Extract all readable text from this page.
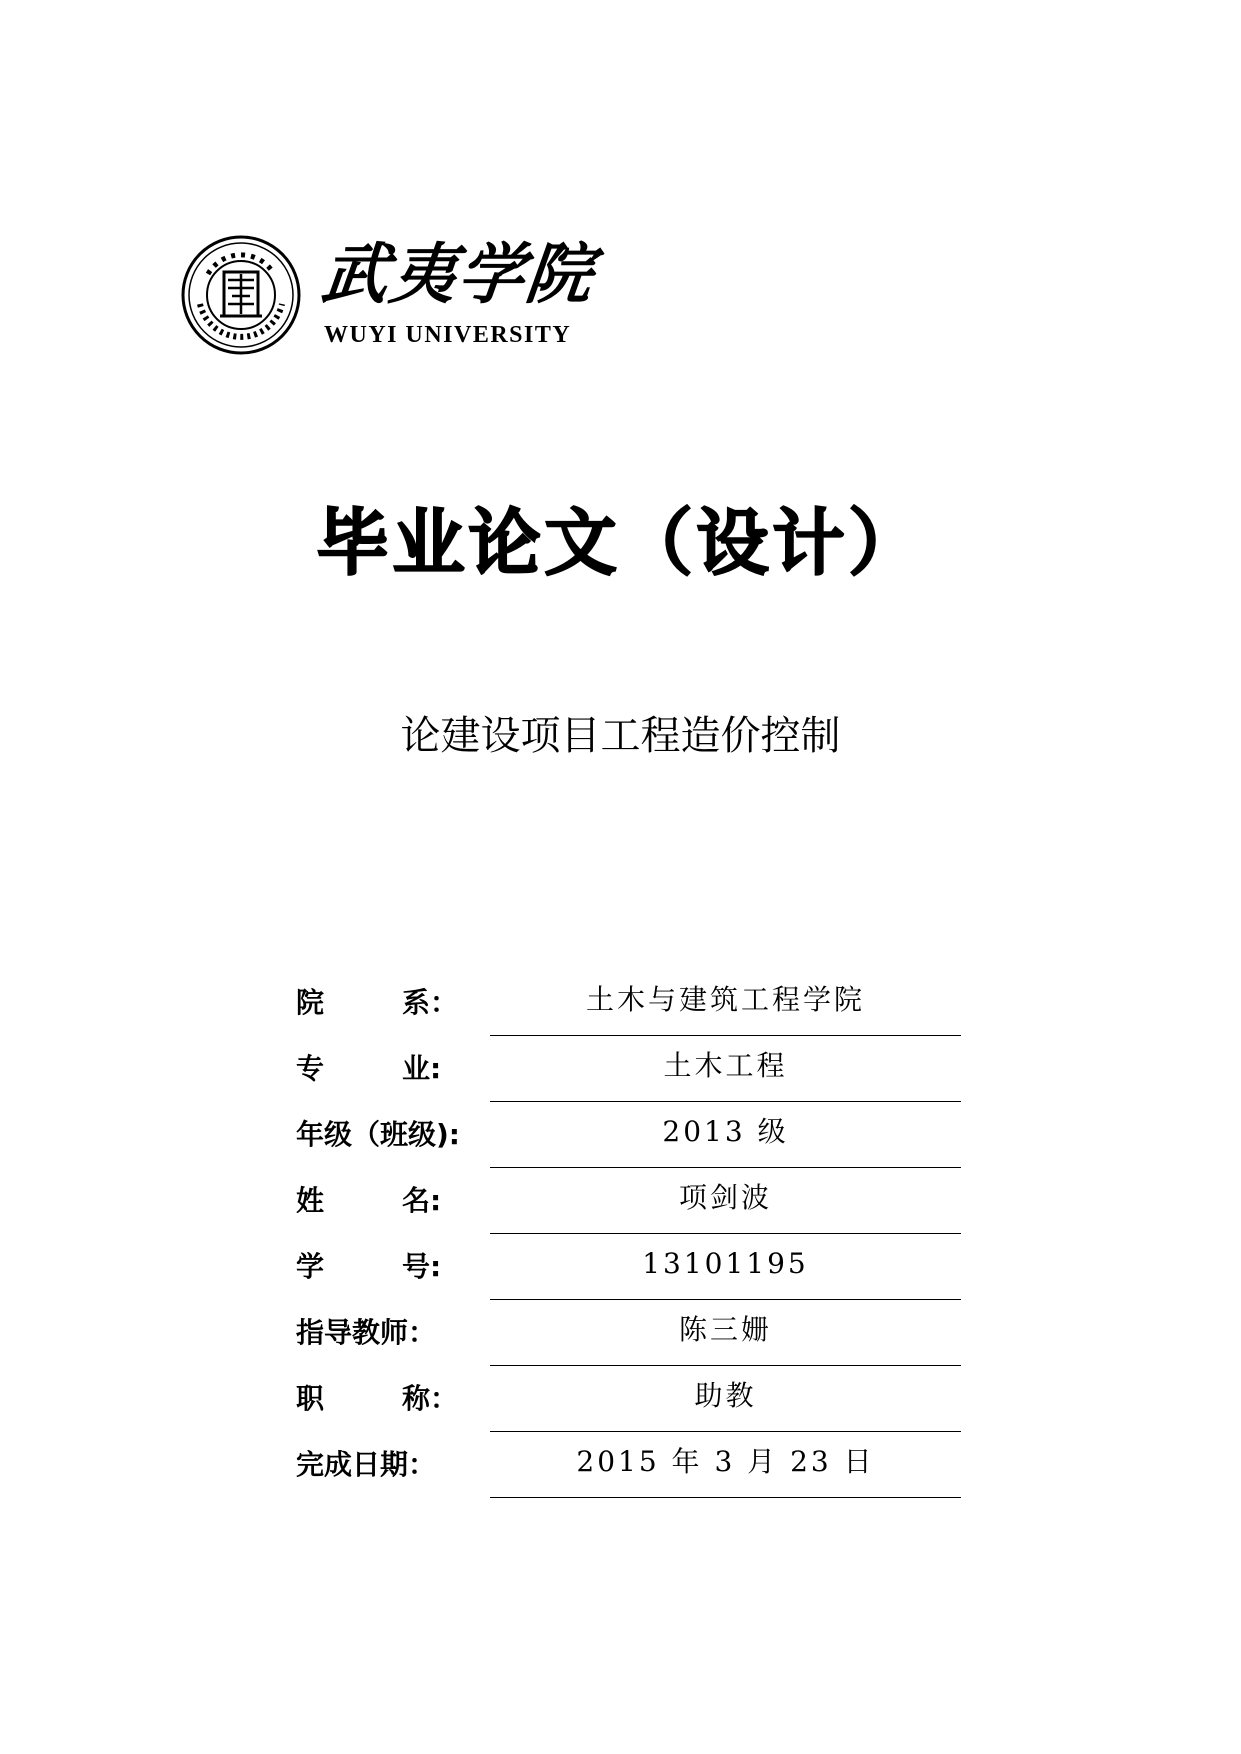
武夷学院
WUYI UNIVERSITY
毕业论文（设计）
论建设项目工程造价控制
院        系：	土木与建筑工程学院
专        业:	土木工程
年级（班级):	2013 级
姓        名:	项剑波
学        号:	13101195
指导教师：	陈三姗
职        称：	助教
完成日期：	2015 年 3 月 23 日
